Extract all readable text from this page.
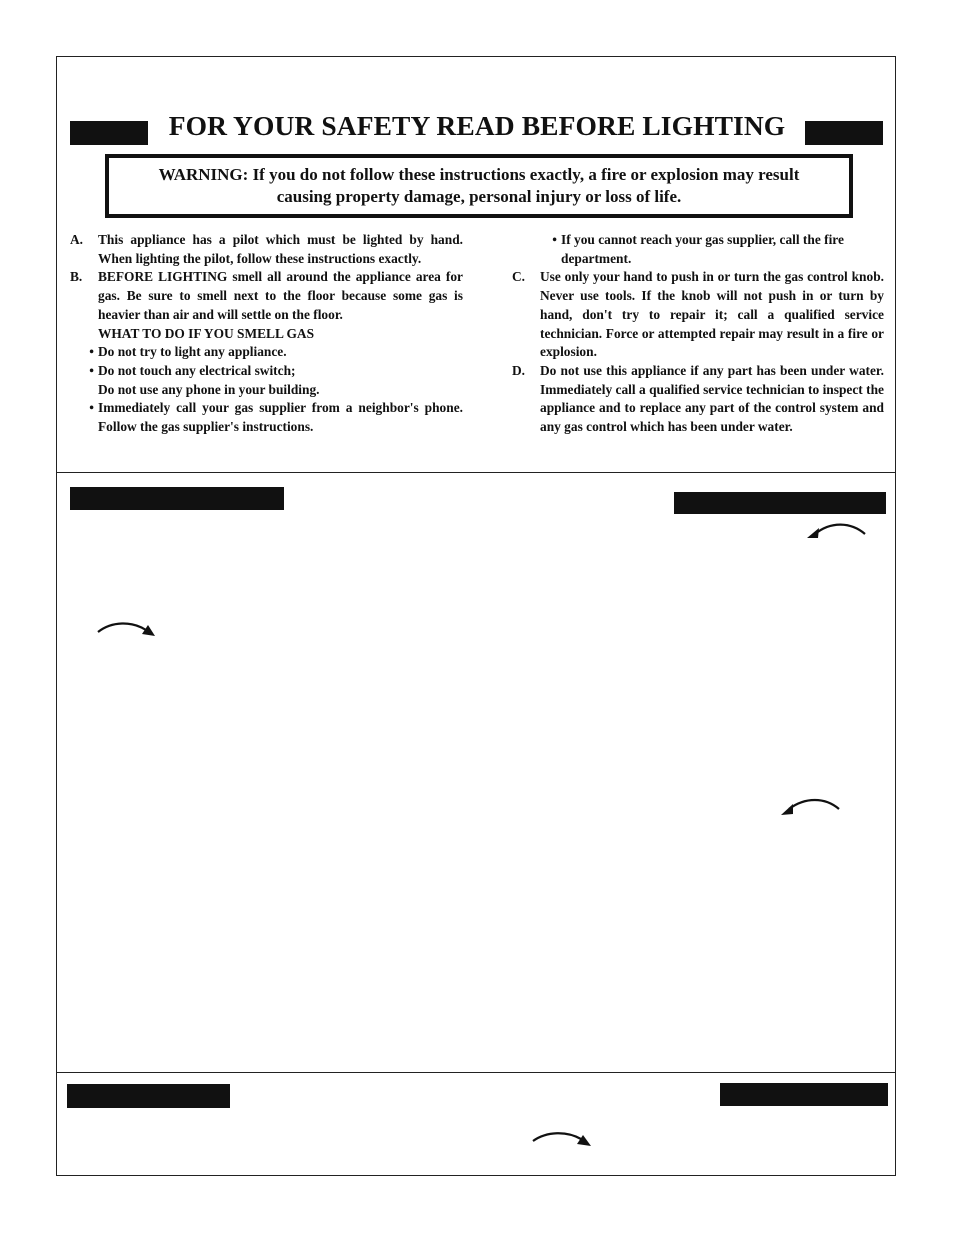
FOR YOUR SAFETY READ BEFORE LIGHTING
WARNING: If you do not follow these instructions exactly, a fire or explosion may result
causing property damage, personal injury or loss of life.
A.	This appliance has a pilot which must be lighted by hand. When lighting the pilot, follow these instructions exactly.
B.	BEFORE LIGHTING smell all around the appliance area for gas. Be sure to smell next to the floor because some gas is heavier than air and will settle on the floor.
WHAT TO DO IF YOU SMELL GAS
• Do not try to light any appliance.
• Do not touch any electrical switch;
Do not use any phone in your building.
• Immediately call your gas supplier from a neighbor's phone. Follow the gas supplier's instructions.
• If you cannot reach your gas supplier, call the fire department.
C.	Use only your hand to push in or turn the gas control knob. Never use tools. If the knob will not push in or turn by hand, don't try to repair it; call a qualified service technician. Force or attempted repair may result in a fire or explosion.
D.	Do not use this appliance if any part has been under water. Immediately call a qualified service technician to inspect the appliance and to replace any part of the control system and any gas control which has been under water.
